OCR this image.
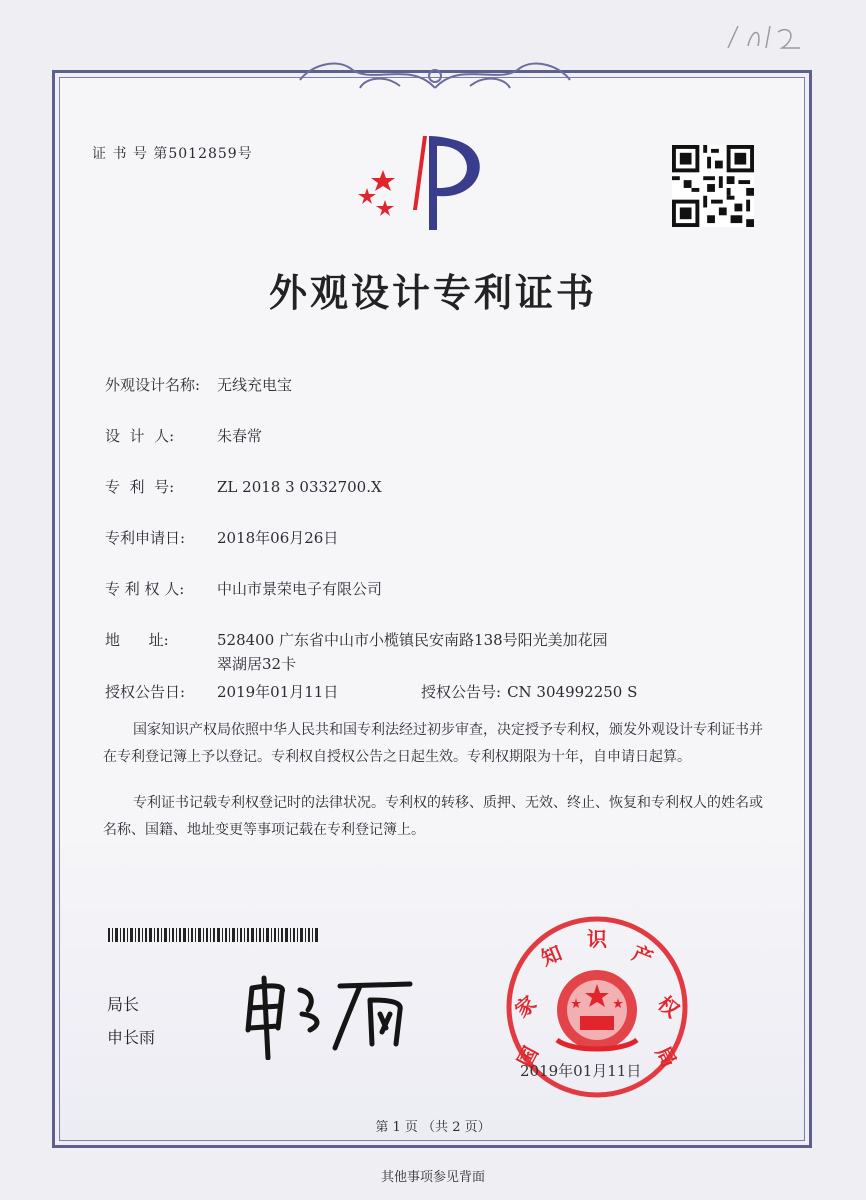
证 书 号 第5012859号
外观设计专利证书
外观设计名称: 无线充电宝
设  计  人:	朱春常
专  利  号:	ZL 2018 3 0332700.X
专利申请日: 2018年06月26日
专 利 权 人: 中山市景荣电子有限公司
地      址:	528400 广东省中山市小榄镇民安南路138号阳光美加花园
翠湖居32卡
授权公告日: 2019年01月11日	授权公告号: CN 304992250 S
国家知识产权局依照中华人民共和国专利法经过初步审查，决定授予专利权，颁发外观设计专利证书并在专利登记簿上予以登记。专利权自授权公告之日起生效。专利权期限为十年，自申请日起算。
专利证书记载专利权登记时的法律状况。专利权的转移、质押、无效、终止、恢复和专利权人的姓名或名称、国籍、地址变更等事项记载在专利登记簿上。
局长
申长雨
国
家
知
识
产
权
局
2019年01月11日
第 1 页 （共 2 页）
其他事项参见背面
